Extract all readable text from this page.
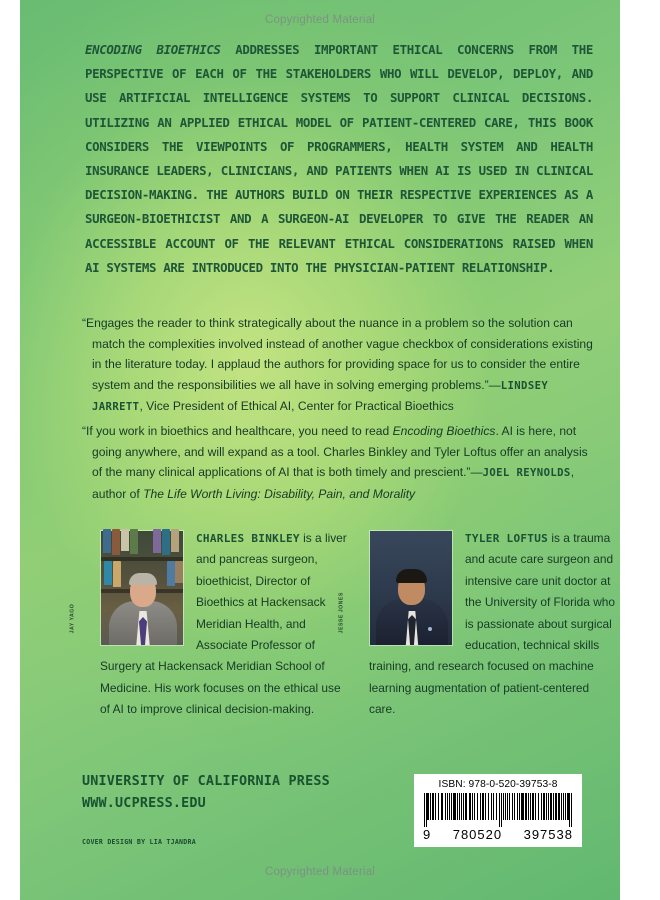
Copyrighted Material
ENCODING BIOETHICS ADDRESSES IMPORTANT ETHICAL CONCERNS FROM THE PERSPECTIVE OF EACH OF THE STAKEHOLDERS WHO WILL DEVELOP, DEPLOY, AND USE ARTIFICIAL INTELLIGENCE SYSTEMS TO SUPPORT CLINICAL DECISIONS. UTILIZING AN APPLIED ETHICAL MODEL OF PATIENT-CENTERED CARE, THIS BOOK CONSIDERS THE VIEWPOINTS OF PROGRAMMERS, HEALTH SYSTEM AND HEALTH INSURANCE LEADERS, CLINICIANS, AND PATIENTS WHEN AI IS USED IN CLINICAL DECISION-MAKING. THE AUTHORS BUILD ON THEIR RESPECTIVE EXPERIENCES AS A SURGEON-BIOETHICIST AND A SURGEON-AI DEVELOPER TO GIVE THE READER AN ACCESSIBLE ACCOUNT OF THE RELEVANT ETHICAL CONSIDERATIONS RAISED WHEN AI SYSTEMS ARE INTRODUCED INTO THE PHYSICIAN-PATIENT RELATIONSHIP.
“Engages the reader to think strategically about the nuance in a problem so the solution can match the complexities involved instead of another vague checkbox of considerations existing in the literature today. I applaud the authors for providing space for us to consider the entire system and the responsibilities we all have in solving emerging problems.”—LINDSEY JARRETT, Vice President of Ethical AI, Center for Practical Bioethics
“If you work in bioethics and healthcare, you need to read Encoding Bioethics. AI is here, not going anywhere, and will expand as a tool. Charles Binkley and Tyler Loftus offer an analysis of the many clinical applications of AI that is both timely and prescient.”—JOEL REYNOLDS, author of The Life Worth Living: Disability, Pain, and Morality
JAY YAGO
CHARLES BINKLEY is a liver and pancreas surgeon, bioethicist, Director of Bioethics at Hackensack Meridian Health, and Associate Professor of Surgery at Hackensack Meridian School of Medicine. His work focuses on the ethical use of AI to improve clinical decision-making.
JESSE JONES
TYLER LOFTUS is a trauma and acute care surgeon and intensive care unit doctor at the University of Florida who is passionate about surgical education, technical skills training, and research focused on machine learning augmentation of patient-centered care.
UNIVERSITY OF CALIFORNIA PRESS
WWW.UCPRESS.EDU
COVER DESIGN BY LIA TJANDRA
ISBN: 978-0-520-39753-8
9 780520 397538
Copyrighted Material
